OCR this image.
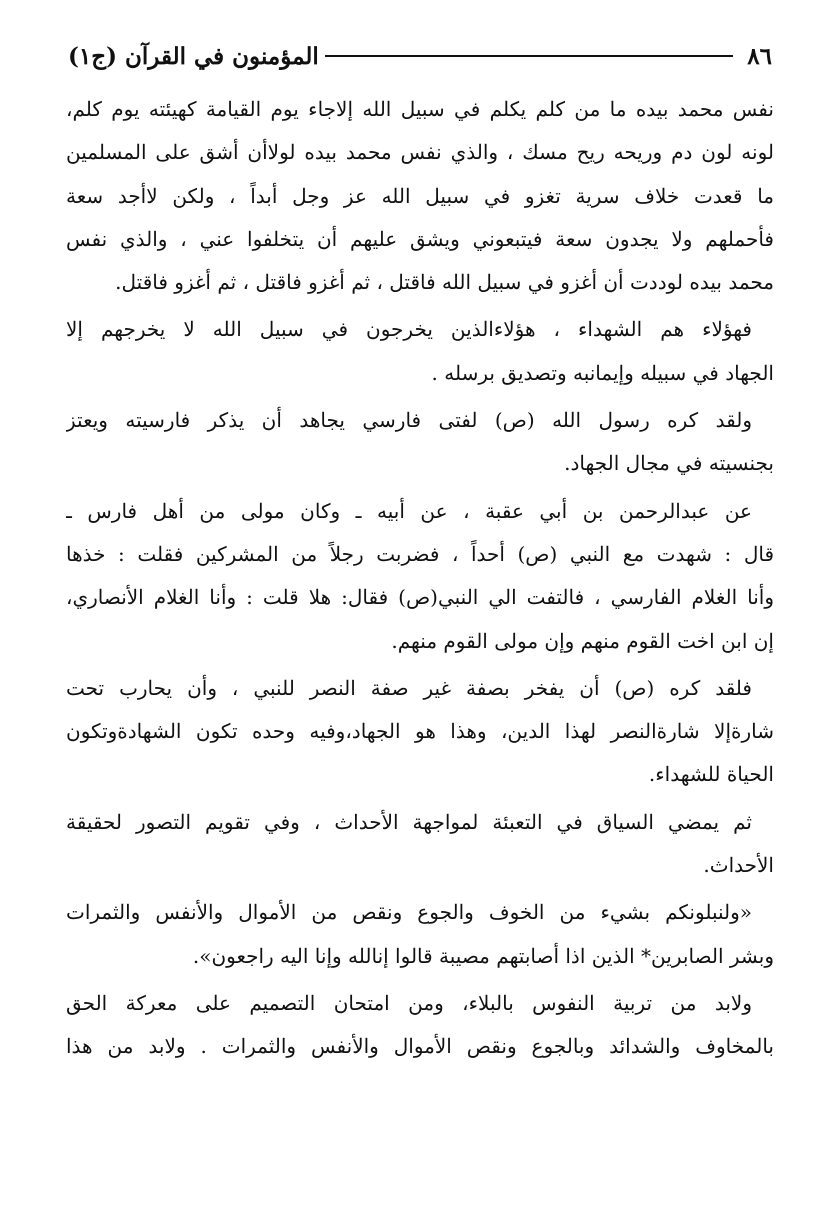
٨٦
المؤمنون في القرآن (ج١)
نفس محمد بيده ما من كلم يكلم في سبيل الله إلاجاء يوم القيامة كهيئته يوم كلم،
لونه لون دم وريحه ريح مسك ، والذي نفس محمد بيده لولاأن أشق على المسلمين
ما قعدت خلاف سرية تغزو في سبيل الله عز وجل أبداً ، ولكن لاأجد سعة
فأحملهم ولا يجدون سعة فيتبعوني ويشق عليهم أن يتخلفوا عني ، والذي نفس
محمد بيده لوددت أن أغزو في سبيل الله فاقتل ، ثم أغزو فاقتل ، ثم أغزو فاقتل.
فهؤلاء هم الشهداء ، هؤلاءالذين يخرجون في سبيل الله لا يخرجهم إلا
الجهاد في سبيله وإيمانبه وتصديق برسله .
ولقد كره رسول الله (ص) لفتى فارسي يجاهد أن يذكر فارسيته ويعتز
بجنسيته في مجال الجهاد.
عن عبدالرحمن بن أبي عقبة ، عن أبيه ـ وكان مولى من أهل فارس ـ
قال : شهدت مع النبي (ص) أحداً ، فضربت رجلاً من المشركين فقلت : خذها
وأنا الغلام الفارسي ، فالتفت الي النبي(ص) فقال: هلا قلت : وأنا الغلام الأنصاري،
إن ابن اخت القوم منهم وإن مولى القوم منهم.
فلقد كره (ص) أن يفخر بصفة غير صفة النصر للنبي ، وأن يحارب تحت
شارةإلا شارةالنصر لهذا الدين، وهذا هو الجهاد،وفيه وحده تكون الشهادةوتكون
الحياة للشهداء.
ثم يمضي السياق في التعبئة لمواجهة الأحداث ، وفي تقويم التصور لحقيقة
الأحداث.
«ولنبلونكم بشيء من الخوف والجوع ونقص من الأموال والأنفس والثمرات
وبشر الصابرين* الذين اذا أصابتهم مصيبة قالوا إنالله وإنا اليه راجعون».
ولابد من تربية النفوس بالبلاء، ومن امتحان التصميم على معركة الحق
بالمخاوف والشدائد وبالجوع ونقص الأموال والأنفس والثمرات . ولابد من هذا
